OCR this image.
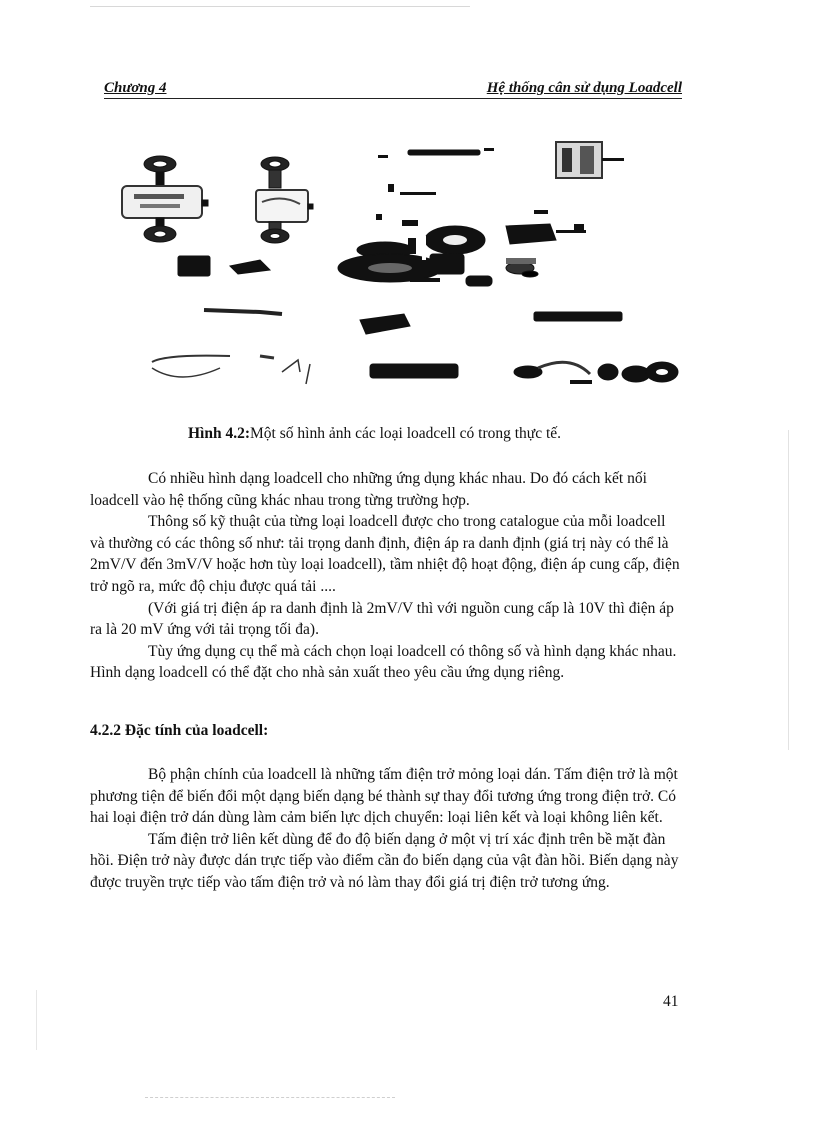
Chương 4	Hệ thống cân sử dụng Loadcell
Hình 4.2:Một số hình ảnh các loại loadcell có trong thực tế.

Có nhiều hình dạng loadcell cho những ứng dụng khác nhau. Do đó cách kết nối loadcell vào hệ thống cũng khác nhau trong từng trường hợp.

Thông số kỹ thuật của từng loại loadcell được cho trong catalogue của mỗi loadcell và thường có các thông số như: tải trọng danh định, điện áp ra danh định (giá trị này có thể là 2mV/V đến 3mV/V hoặc hơn tùy loại loadcell), tầm nhiệt độ hoạt động, điện áp cung cấp, điện trở ngõ ra, mức độ chịu được quá tải ....

(Với giá trị điện áp ra danh định là 2mV/V thì với nguồn cung cấp là 10V thì điện áp ra là 20 mV ứng với tải trọng tối đa).

Tùy ứng dụng cụ thể mà cách chọn loại loadcell có thông số và hình dạng khác nhau. Hình dạng loadcell có thể đặt cho nhà sản xuất theo yêu cầu ứng dụng riêng.

4.2.2 Đặc tính của loadcell:

Bộ phận chính của loadcell là những tấm điện trở mỏng loại dán. Tấm điện trở là một phương tiện để biến đổi một dạng biến dạng bé thành sự thay đổi tương ứng trong điện trở. Có hai loại điện trở dán dùng làm cảm biến lực dịch chuyển: loại liên kết và loại không liên kết.

Tấm điện trở liên kết dùng để đo độ biến dạng ở một vị trí xác định trên bề mặt đàn hồi. Điện trở này được dán trực tiếp vào điểm cần đo biến dạng của vật đàn hồi. Biến dạng này được truyền trực tiếp vào tấm điện trở và nó làm thay đổi giá trị điện trở tương ứng.

41
